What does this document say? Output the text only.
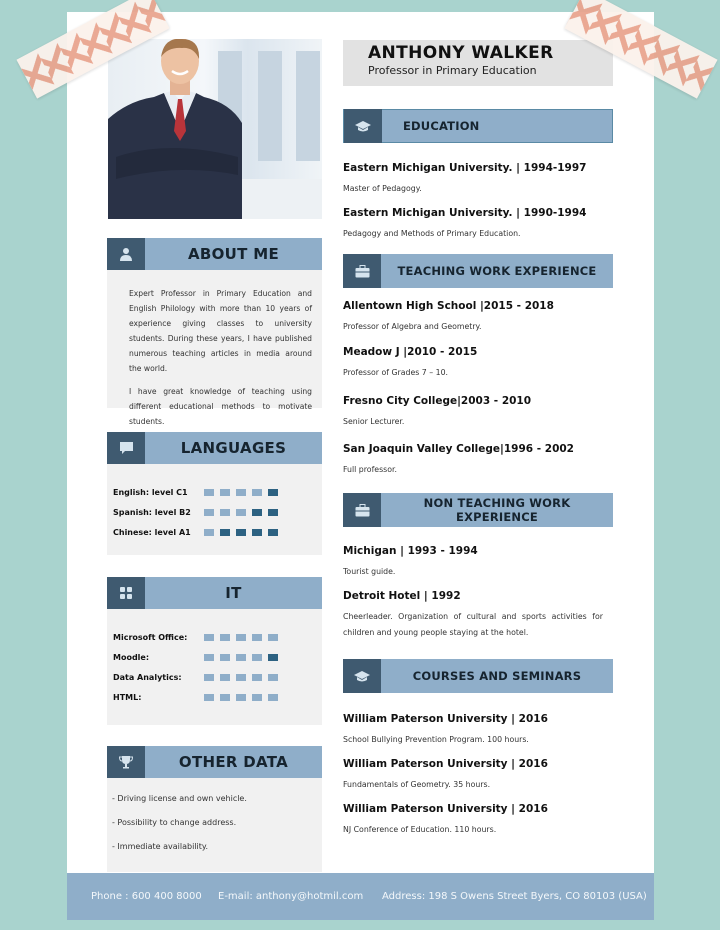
ABOUT ME

Expert Professor in Primary Education and English Philology with more than 10 years of experience giving classes to university students. During these years, I have published numerous teaching articles in media around the world.

I have great knowledge of teaching using different educational methods to motivate students.

LANGUAGES
English: level C1
Spanish: level B2
Chinese: level A1
IT
Microsoft Office:
Moodle:
Data Analytics:
HTML:
OTHER DATA
- Driving license and own vehicle.
- Possibility to change address.
- Immediate availability.
ANTHONY WALKER
Professor in Primary Education
EDUCATION
Eastern Michigan University. | 1994-1997
Master of Pedagogy.
Eastern Michigan University. | 1990-1994
Pedagogy and Methods of Primary Education.
TEACHING WORK EXPERIENCE
Allentown High School |2015 - 2018
Professor of Algebra and Geometry.
Meadow J |2010 - 2015
Professor of Grades 7 – 10.
Fresno City College|2003 - 2010
Senior Lecturer.
San Joaquin Valley College|1996 - 2002
Full professor.
NON TEACHING WORK EXPERIENCE
Michigan | 1993 - 1994
Tourist guide.
Detroit Hotel | 1992
Cheerleader. Organization of cultural and sports activities for children and young people staying at the hotel.
COURSES AND SEMINARS
William Paterson University | 2016
School Bullying Prevention Program. 100 hours.
William Paterson University | 2016
Fundamentals of Geometry. 35 hours.
William Paterson University | 2016
NJ Conference of Education. 110 hours.
Phone : 600 400 8000 E-mail: anthony@hotmil.com Address: 198 S Owens Street Byers, CO 80103 (USA)
